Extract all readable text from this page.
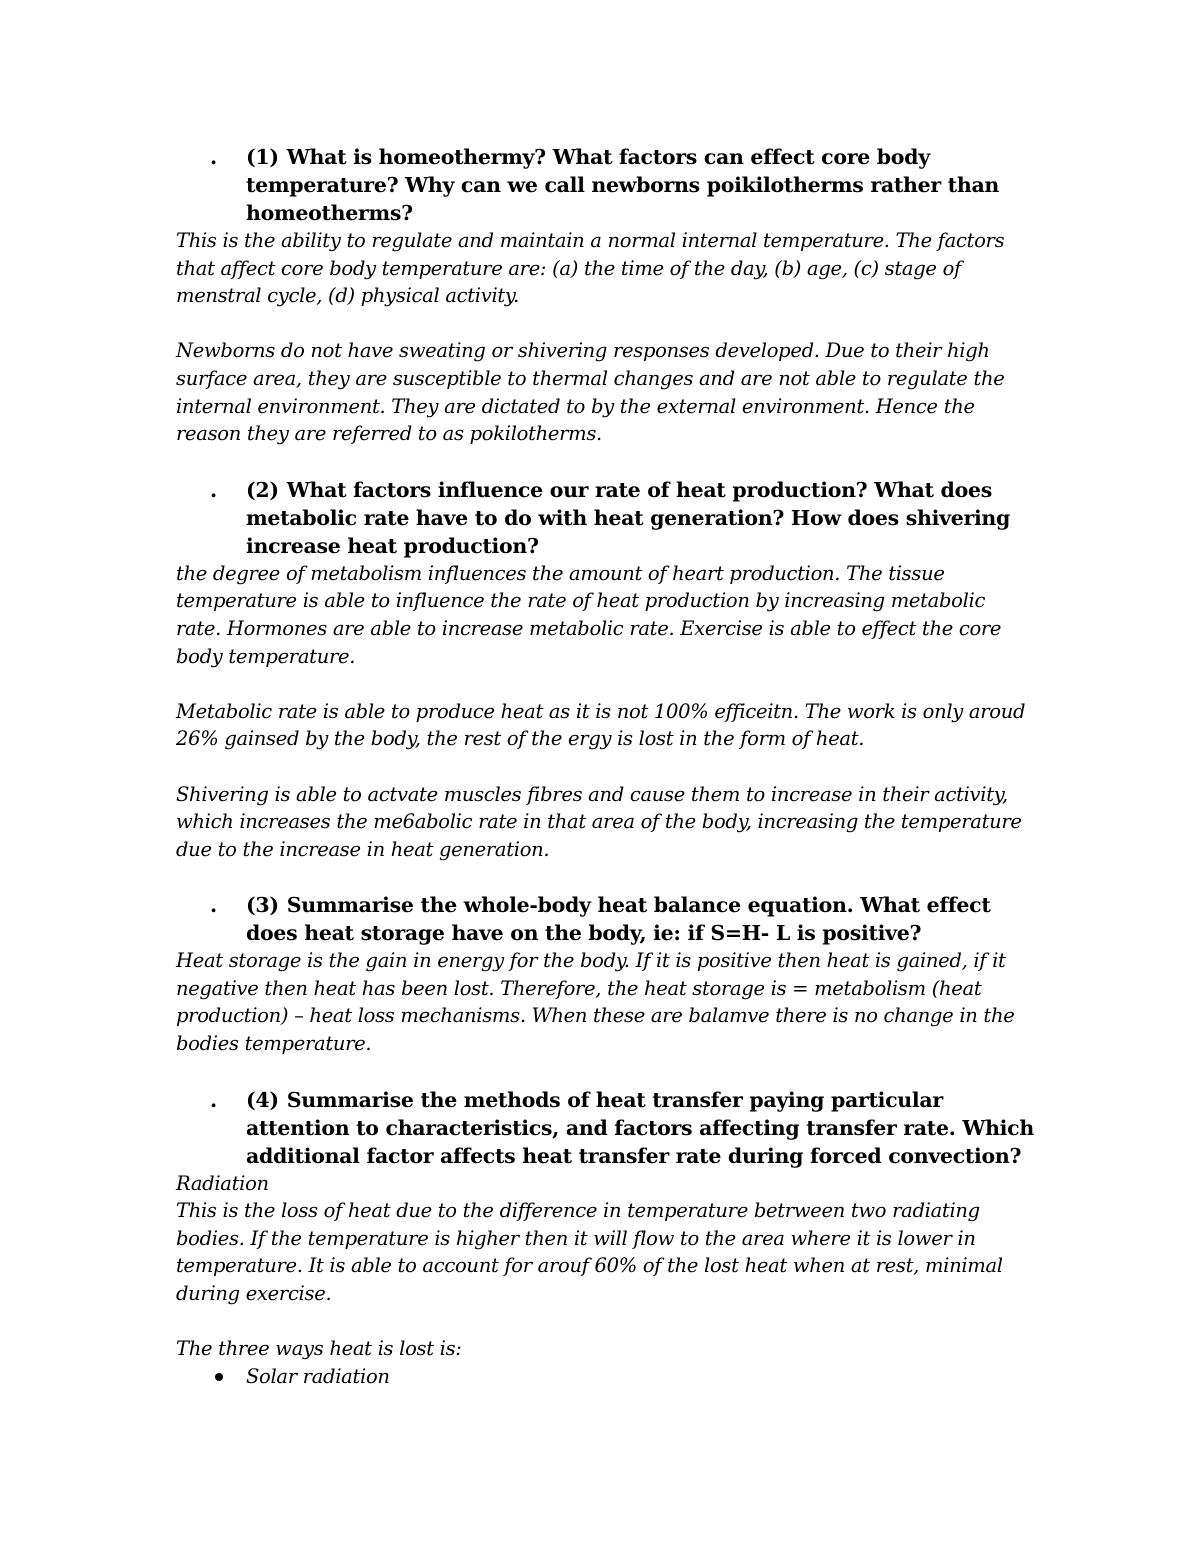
. (1) What is homeothermy? What factors can effect core body temperature? Why can we call newborns poikilotherms rather than homeotherms?

This is the ability to regulate and maintain a normal internal temperature. The factors that affect core body temperature are: (a) the time of the day, (b) age, (c) stage of menstral cycle, (d) physical activity.

Newborns do not have sweating or shivering responses developed. Due to their high surface area, they are susceptible to thermal changes and are not able to regulate the internal environment. They are dictated to by the external environment. Hence the reason they are referred to as pokilotherms.

. (2) What factors influence our rate of heat production? What does metabolic rate have to do with heat generation? How does shivering increase heat production?

the degree of metabolism influences the amount of heart production. The tissue temperature is able to influence the rate of heat production by increasing metabolic rate. Hormones are able to increase metabolic rate. Exercise is able to effect the core body temperature.

Metabolic rate is able to produce heat as it is not 100% efficeitn. The work is only aroud 26% gainsed by the body, the rest of the ergy is lost in the form of heat.

Shivering is able to actvate muscles fibres and cause them to increase in their activity, which increases the me6abolic rate in that area of the body, increasing the temperature due to the increase in heat generation.

. (3) Summarise the whole-body heat balance equation. What effect does heat storage have on the body, ie: if S=H- L is positive?

Heat storage is the gain in energy for the body. If it is positive then heat is gained, if it negative then heat has been lost. Therefore, the heat storage is = metabolism (heat production) – heat loss mechanisms. When these are balamve there is no change in the bodies temperature.

. (4) Summarise the methods of heat transfer paying particular attention to characteristics, and factors affecting transfer rate. Which additional factor affects heat transfer rate during forced convection?

Radiation

This is the loss of heat due to the difference in temperature betrween two radiating bodies. If the temperature is higher then it will flow to the area where it is lower in temperature. It is able to account for arouf 60% of the lost heat when at rest, minimal during exercise.

The three ways heat is lost is:

Solar radiation
